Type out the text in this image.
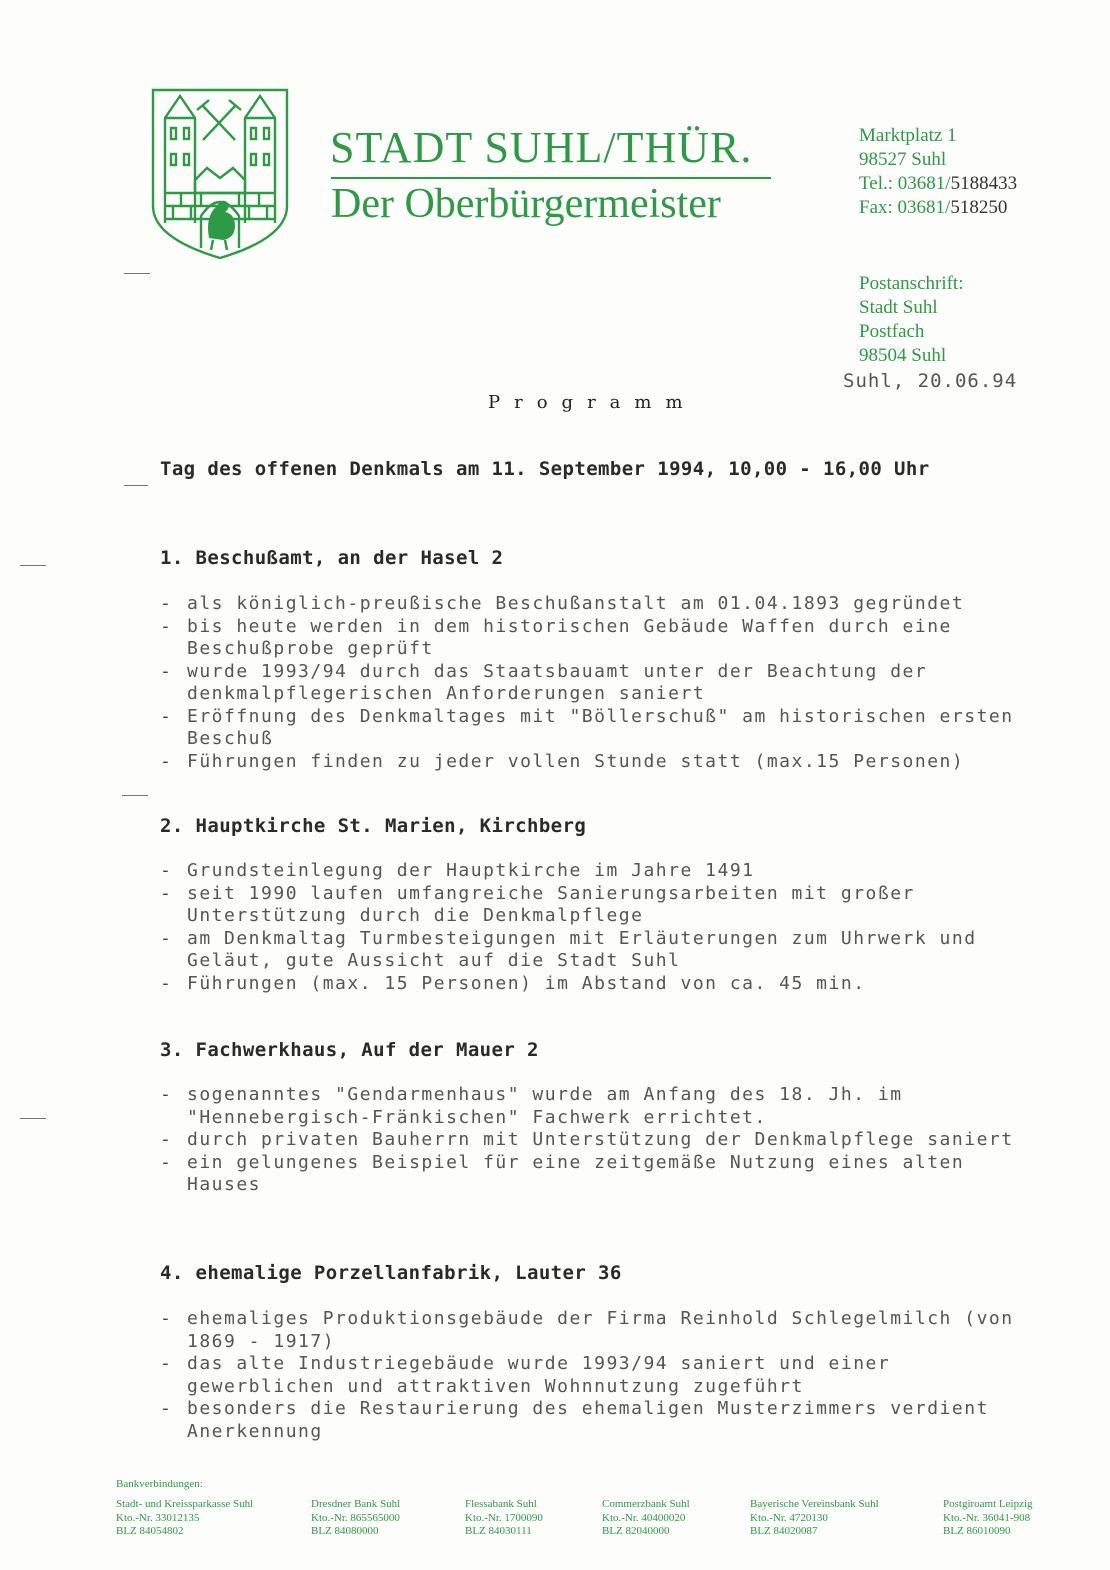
STADT SUHL/THÜR.
Der Oberbürgermeister
Marktplatz 1
98527 Suhl
Tel.: 03681/5188433
Fax: 03681/518250
Postanschrift:
Stadt Suhl
Postfach
98504 Suhl
Suhl, 20.06.94
Programm
Tag des offenen Denkmals am 11. September 1994, 10,00 - 16,00 Uhr
1. Beschußamt, an der Hasel 2
- als königlich-preußische Beschußanstalt am 01.04.1893 gegründet
- bis heute werden in dem historischen Gebäude Waffen durch eine Beschußprobe geprüft
- wurde 1993/94 durch das Staatsbauamt unter der Beachtung der denkmalpflegerischen Anforderungen saniert
- Eröffnung des Denkmaltages mit "Böllerschuß" am historischen ersten Beschuß
- Führungen finden zu jeder vollen Stunde statt (max.15 Personen)
2. Hauptkirche St. Marien, Kirchberg
- Grundsteinlegung der Hauptkirche im Jahre 1491
- seit 1990 laufen umfangreiche Sanierungsarbeiten mit großer Unterstützung durch die Denkmalpflege
- am Denkmaltag Turmbesteigungen mit Erläuterungen zum Uhrwerk und Geläut, gute Aussicht auf die Stadt Suhl
- Führungen (max. 15 Personen) im Abstand von ca. 45 min.
3. Fachwerkhaus, Auf der Mauer 2
- sogenanntes "Gendarmenhaus" wurde am Anfang des 18. Jh. im "Hennebergisch-Fränkischen" Fachwerk errichtet.
- durch privaten Bauherrn mit Unterstützung der Denkmalpflege saniert
- ein gelungenes Beispiel für eine zeitgemäße Nutzung eines alten Hauses
4. ehemalige Porzellanfabrik, Lauter 36
- ehemaliges Produktionsgebäude der Firma Reinhold Schlegelmilch (von 1869 - 1917)
- das alte Industriegebäude wurde 1993/94 saniert und einer gewerblichen und attraktiven Wohnnutzung zugeführt
- besonders die Restaurierung des ehemaligen Musterzimmers verdient Anerkennung
Bankverbindungen:
Stadt- und Kreissparkasse Suhl
Kto.-Nr. 33012135
BLZ 84054802
Dresdner Bank Suhl
Kto.-Nr. 865565000
BLZ 84080000
Flessabank Suhl
Kto.-Nr. 1700090
BLZ 84030111
Commerzbank Suhl
Kto.-Nr. 40400020
BLZ 82040000
Bayerische Vereinsbank Suhl
Kto.-Nr. 4720130
BLZ 84020087
Postgiroamt Leipzig
Kto.-Nr. 36041-908
BLZ 86010090
